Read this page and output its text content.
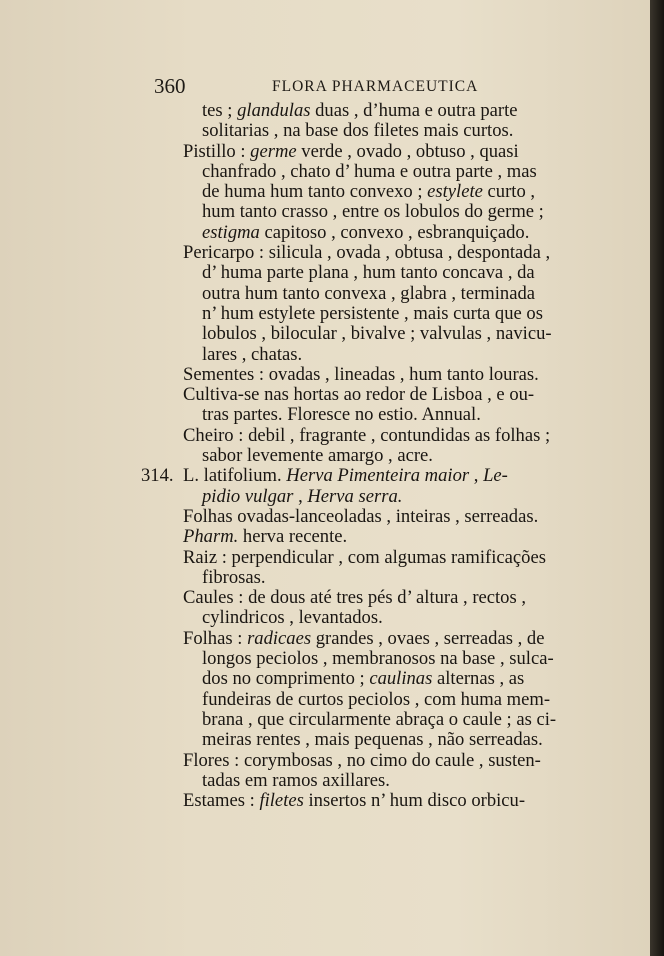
360	FLORA PHARMACEUTICA
tes ; glandulas duas , d’huma e outra parte
solitarias , na base dos filetes mais curtos.
Pistillo : germe verde , ovado , obtuso , quasi
chanfrado , chato d’ huma e outra parte , mas
de huma hum tanto convexo ; estylete curto ,
hum tanto crasso , entre os lobulos do germe ;
estigma capitoso , convexo , esbranquiçado.
Pericarpo : silicula , ovada , obtusa , despontada ,
d’ huma parte plana , hum tanto concava , da
outra hum tanto convexa , glabra , terminada
n’ hum estylete persistente , mais curta que os
lobulos , bilocular , bivalve ; valvulas , navicu-
lares , chatas.
Sementes : ovadas , lineadas , hum tanto louras.
Cultiva-se nas hortas ao redor de Lisboa , e ou-
tras partes. Floresce no estio. Annual.
Cheiro : debil , fragrante , contundidas as folhas ;
sabor levemente amargo , acre.
314. L. latifolium. Herva Pimenteira maior , Le-
pidio vulgar , Herva serra.
Folhas ovadas-lanceoladas , inteiras , serreadas.
Pharm. herva recente.
Raiz : perpendicular , com algumas ramificações
fibrosas.
Caules : de dous até tres pés d’ altura , rectos ,
cylindricos , levantados.
Folhas : radicaes grandes , ovaes , serreadas , de
longos peciolos , membranosos na base , sulca-
dos no comprimento ; caulinas alternas , as
fundeiras de curtos peciolos , com huma mem-
brana , que circularmente abraça o caule ; as ci-
meiras rentes , mais pequenas , não serreadas.
Flores : corymbosas , no cimo do caule , susten-
tadas em ramos axillares.
Estames : filetes insertos n’ hum disco orbicu-
